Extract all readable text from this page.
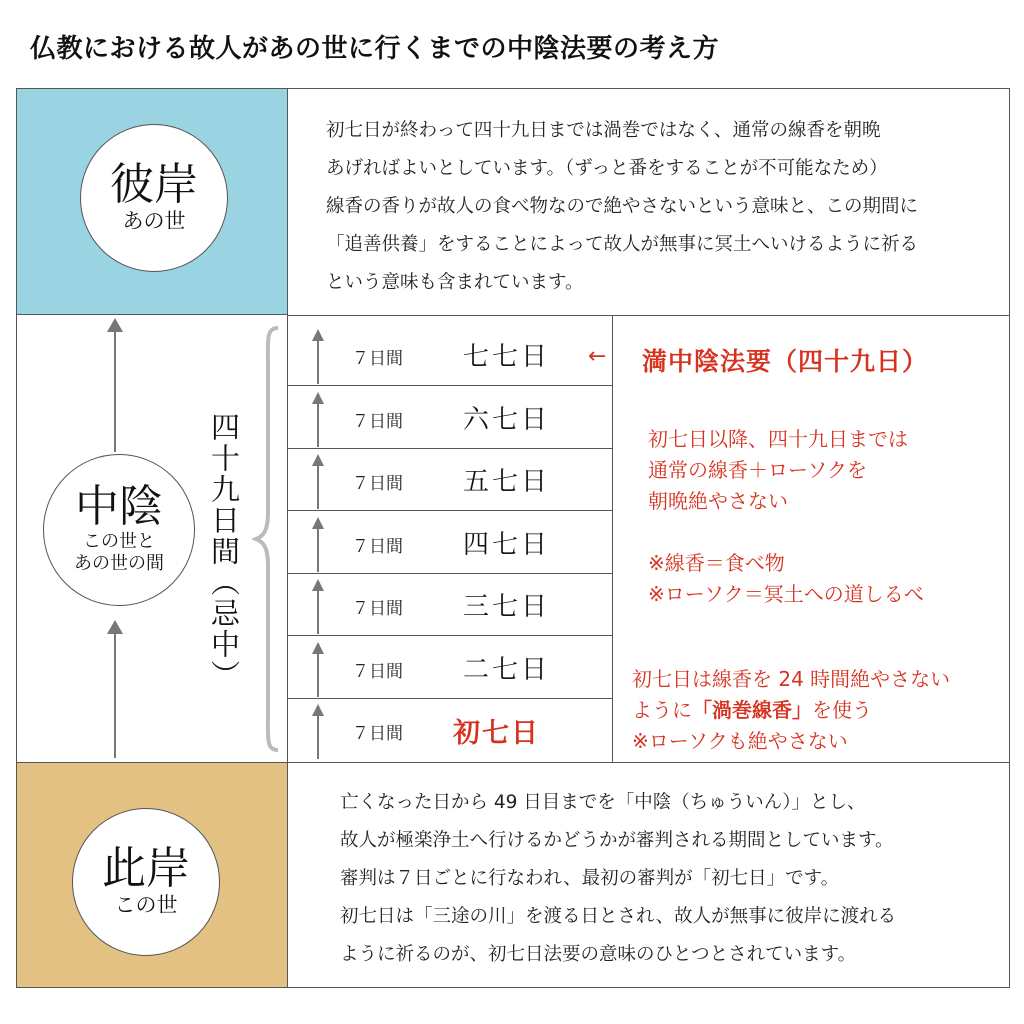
仏教における故人があの世に行くまでの中陰法要の考え方
彼岸
あの世
初七日が終わって四十九日までは渦巻ではなく、通常の線香を朝晩
あげればよいとしています。（ずっと番をすることが不可能なため）
線香の香りが故人の食べ物なので絶やさないという意味と、この期間に
「追善供養」をすることによって故人が無事に冥土へいけるように祈る
という意味も含まれています。
中陰
この世と
あの世の間 四十九日間（忌中）
７日間 七七日
７日間 六七日
７日間 五七日
７日間 四七日
７日間 三七日
７日間 二七日
７日間 初七日
← 満中陰法要（四十九日）
初七日以降、四十九日までは
通常の線香＋ローソクを
朝晩絶やさない
※線香＝食べ物
※ローソク＝冥土への道しるべ
初七日は線香を 24 時間絶やさない
ように「渦巻線香」を使う
※ローソクも絶やさない
此岸
この世
亡くなった日から 49 日目までを「中陰（ちゅういん）」とし、
故人が極楽浄土へ行けるかどうかが審判される期間としています。
審判は７日ごとに行なわれ、最初の審判が「初七日」です。
初七日は「三途の川」を渡る日とされ、故人が無事に彼岸に渡れる
ように祈るのが、初七日法要の意味のひとつとされています。
